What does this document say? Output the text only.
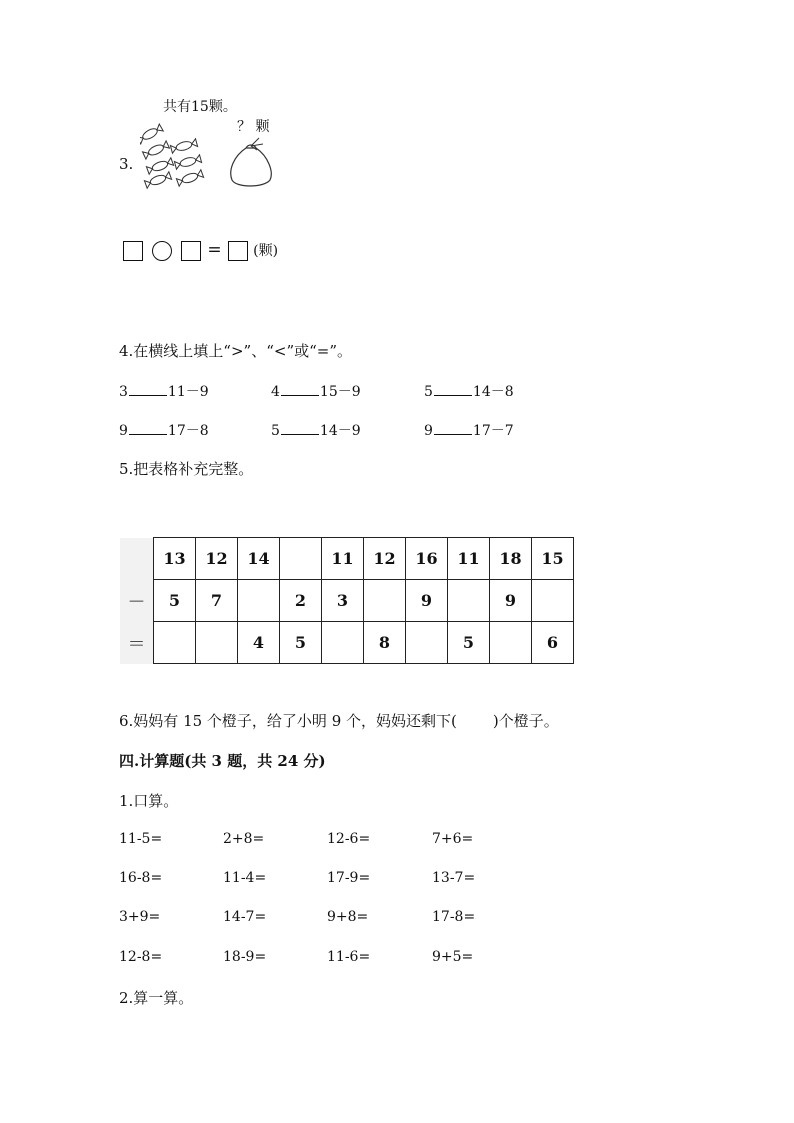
共有15颗。
？ 颗
3.
= (颗)
4.在横线上填上“>”、“<”或“=”。
3	11－9	4	15－9	5	14－8
9	17－8	5	14－9	9	17－7
5.把表格补充完整。
	13	12	14		11	12	16	11	18	15
－	5	7		2	3		9		9	
＝			4	5		8		5		6
6.妈妈有 15 个橙子，给了小明 9 个，妈妈还剩下( )个橙子。
四.计算题(共 3 题，共 24 分)
1.口算。
11-5=	2+8=	12-6=	7+6=
16-8=	11-4=	17-9=	13-7=
3+9=	14-7=	9+8=	17-8=
12-8=	18-9=	11-6=	9+5=
2.算一算。
